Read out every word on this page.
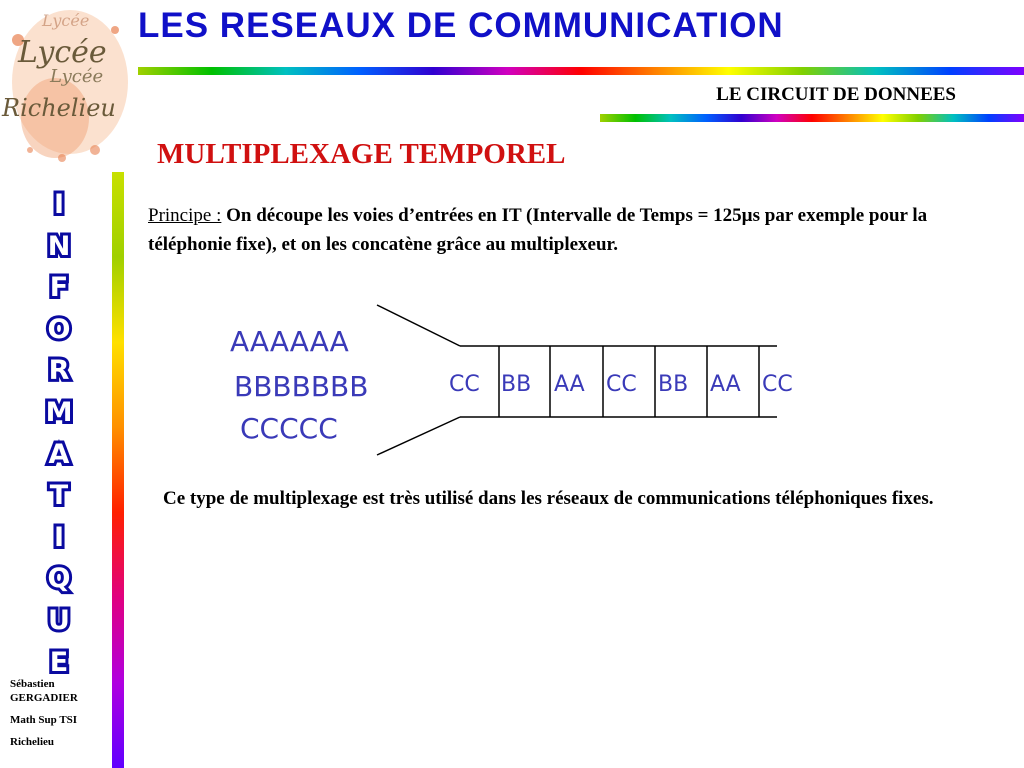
Lycée
Lycée
Lycée
Richelieu
LES RESEAUX DE COMMUNICATION
LE CIRCUIT DE DONNEES
MULTIPLEXAGE TEMPOREL
I
N
F
O
R
M
A
T
I
Q
U
E
Sébastien
GERGADIER
Math Sup TSI
Richelieu
Principe : On découpe les voies d’entrées en IT (Intervalle de Temps = 125µs par exemple pour la téléphonie fixe), et on les concatène grâce au multiplexeur.
AAAAAA
BBBBBBB
CCCCC
CC BB AA CC BB AA CC
Ce type de multiplexage est très utilisé dans les réseaux de communications téléphoniques fixes.
